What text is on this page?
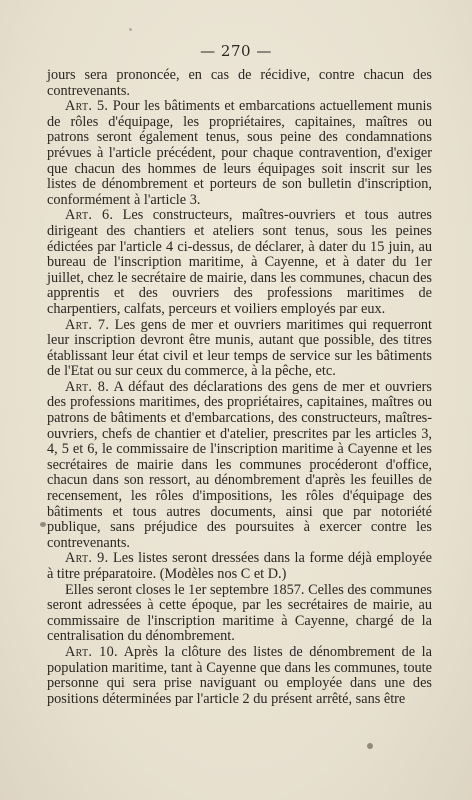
— 270 —

jours sera prononcée, en cas de récidive, contre chacun des contrevenants.

Art. 5. Pour les bâtiments et embarcations actuellement munis de rôles d'équipage, les propriétaires, capitaines, maîtres ou patrons seront également tenus, sous peine des condamnations prévues à l'article précédent, pour chaque contravention, d'exiger que chacun des hommes de leurs équipages soit inscrit sur les listes de dénombrement et porteurs de son bulletin d'inscription, conformément à l'article 3.

Art. 6. Les constructeurs, maîtres-ouvriers et tous autres dirigeant des chantiers et ateliers sont tenus, sous les peines édictées par l'article 4 ci-dessus, de déclarer, à dater du 15 juin, au bureau de l'inscription maritime, à Cayenne, et à dater du 1er juillet, chez le secrétaire de mairie, dans les communes, chacun des apprentis et des ouvriers des professions maritimes de charpentiers, calfats, perceurs et voiliers employés par eux.

Art. 7. Les gens de mer et ouvriers maritimes qui requerront leur inscription devront être munis, autant que possible, des titres établissant leur état civil et leur temps de service sur les bâtiments de l'Etat ou sur ceux du commerce, à la pêche, etc.

Art. 8. A défaut des déclarations des gens de mer et ouvriers des professions maritimes, des propriétaires, capitaines, maîtres ou patrons de bâtiments et d'embarcations, des constructeurs, maîtres-ouvriers, chefs de chantier et d'atelier, prescrites par les articles 3, 4, 5 et 6, le commissaire de l'inscription maritime à Cayenne et les secrétaires de mairie dans les communes procéderont d'office, chacun dans son ressort, au dénombrement d'après les feuilles de recensement, les rôles d'impositions, les rôles d'équipage des bâtiments et tous autres documents, ainsi que par notoriété publique, sans préjudice des poursuites à exercer contre les contrevenants.

Art. 9. Les listes seront dressées dans la forme déjà employée à titre préparatoire. (Modèles nos C et D.)

Elles seront closes le 1er septembre 1857. Celles des communes seront adressées à cette époque, par les secrétaires de mairie, au commissaire de l'inscription maritime à Cayenne, chargé de la centralisation du dénombrement.

Art. 10. Après la clôture des listes de dénombrement de la population maritime, tant à Cayenne que dans les communes, toute personne qui sera prise naviguant ou employée dans une des positions déterminées par l'article 2 du présent arrêté, sans être
